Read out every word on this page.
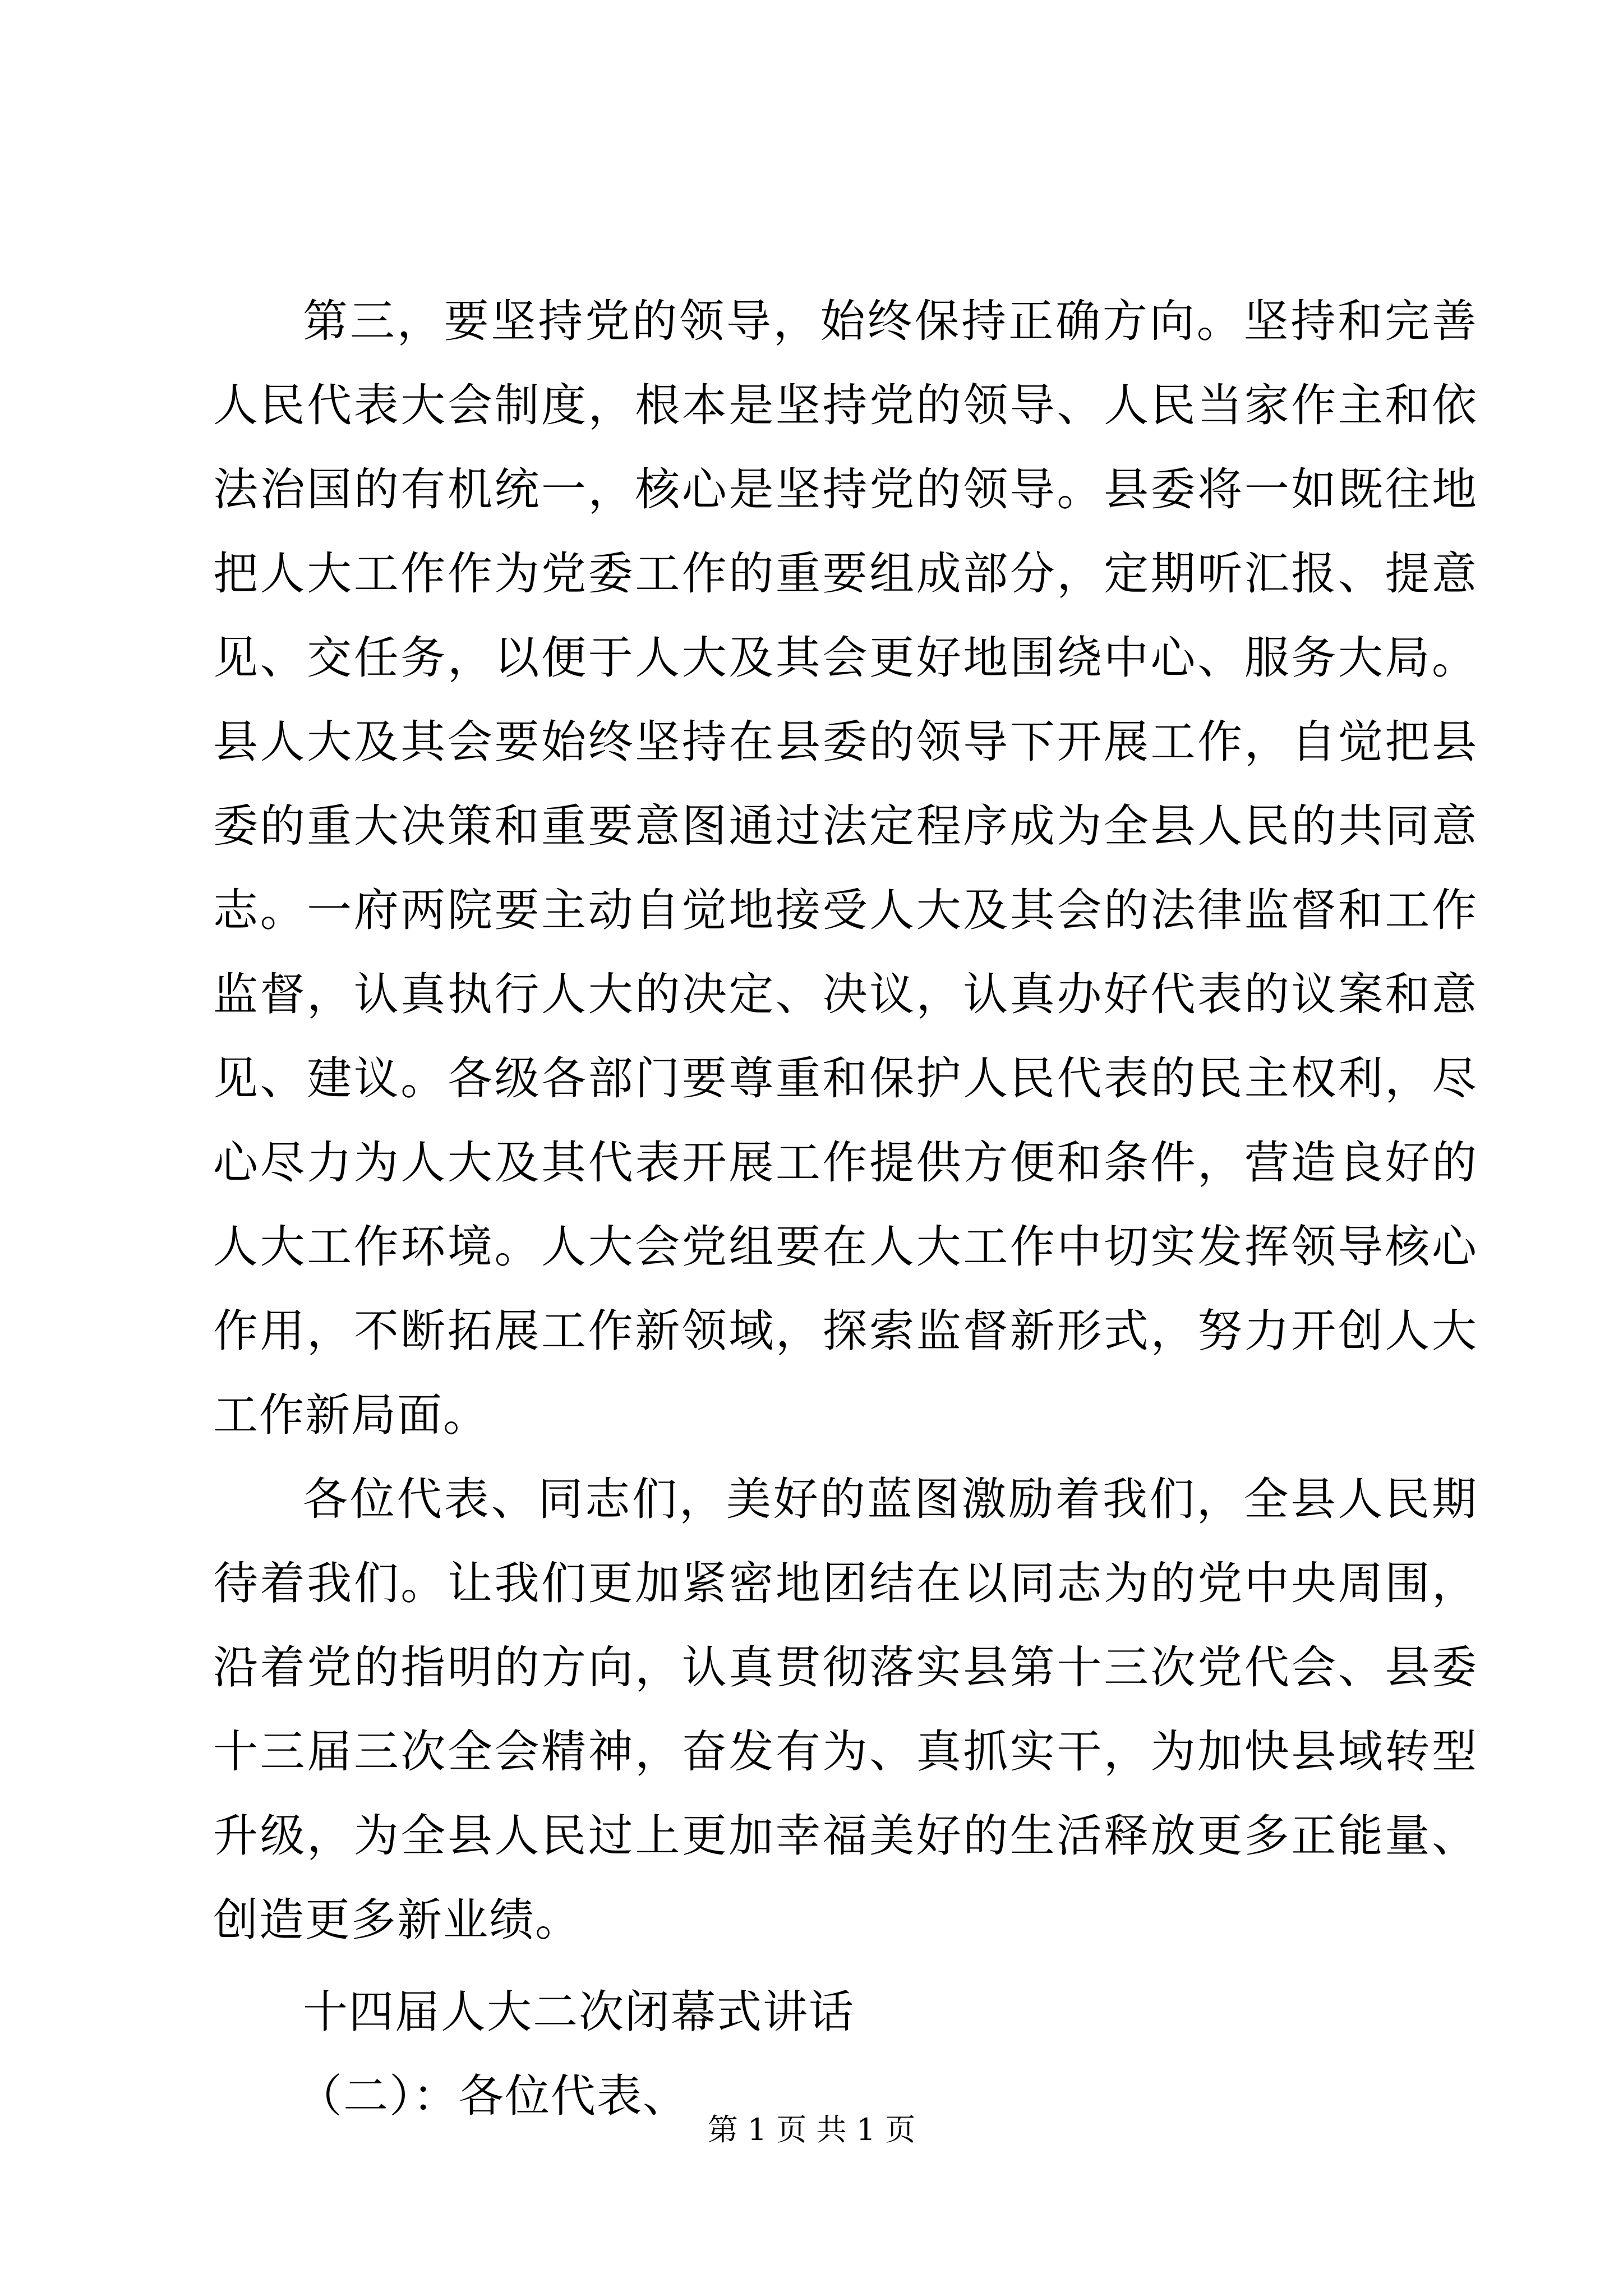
第三，要坚持党的领导，始终保持正确方向。坚持和完善人民代表大会制度，根本是坚持党的领导、人民当家作主和依法治国的有机统一，核心是坚持党的领导。县委将一如既往地把人大工作作为党委工作的重要组成部分，定期听汇报、提意见、交任务，以便于人大及其会更好地围绕中心、服务大局。县人大及其会要始终坚持在县委的领导下开展工作，自觉把县委的重大决策和重要意图通过法定程序成为全县人民的共同意志。一府两院要主动自觉地接受人大及其会的法律监督和工作监督，认真执行人大的决定、决议，认真办好代表的议案和意见、建议。各级各部门要尊重和保护人民代表的民主权利，尽心尽力为人大及其代表开展工作提供方便和条件，营造良好的人大工作环境。人大会党组要在人大工作中切实发挥领导核心作用，不断拓展工作新领域，探索监督新形式，努力开创人大工作新局面。

各位代表、同志们，美好的蓝图激励着我们，全县人民期待着我们。让我们更加紧密地团结在以同志为的党中央周围，沿着党的指明的方向，认真贯彻落实县第十三次党代会、县委十三届三次全会精神，奋发有为、真抓实干，为加快县域转型升级，为全县人民过上更加幸福美好的生活释放更多正能量、创造更多新业绩。

十四届人大二次闭幕式讲话

（二）：各位代表、

第 1 页 共 1 页
